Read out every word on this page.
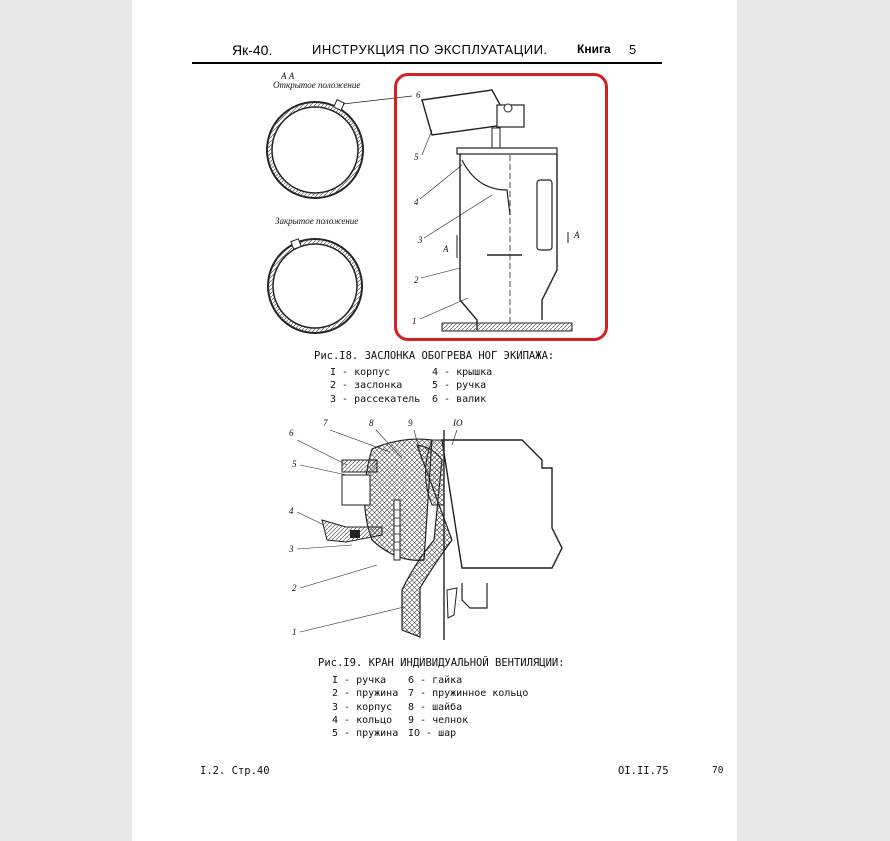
Як-40.	ИНСТРУКЦИЯ ПО ЭКСПЛУАТАЦИИ. Книга 5
А А
Открытое положение
Закрытое положение
A
A
6
5
4
3
2
1
6
7	8	9	IO
5
4
3
2
1
Рис.I8. ЗАСЛОНКА ОБОГРЕВА НОГ ЭКИПАЖА:
I - корпус
2 - заслонка
3 - рассекатель
4 - крышка
5 - ручка
6 - валик
Рис.I9. КРАН ИНДИВИДУАЛЬНОЙ ВЕНТИЛЯЦИИ:
I - ручка
2 - пружина
3 - корпус
4 - кольцо
5 - пружина
6 - гайка
7 - пружинное кольцо
8 - шайба
9 - челнок
IO - шар
I.2. Стр.40	OI.II.75	70
